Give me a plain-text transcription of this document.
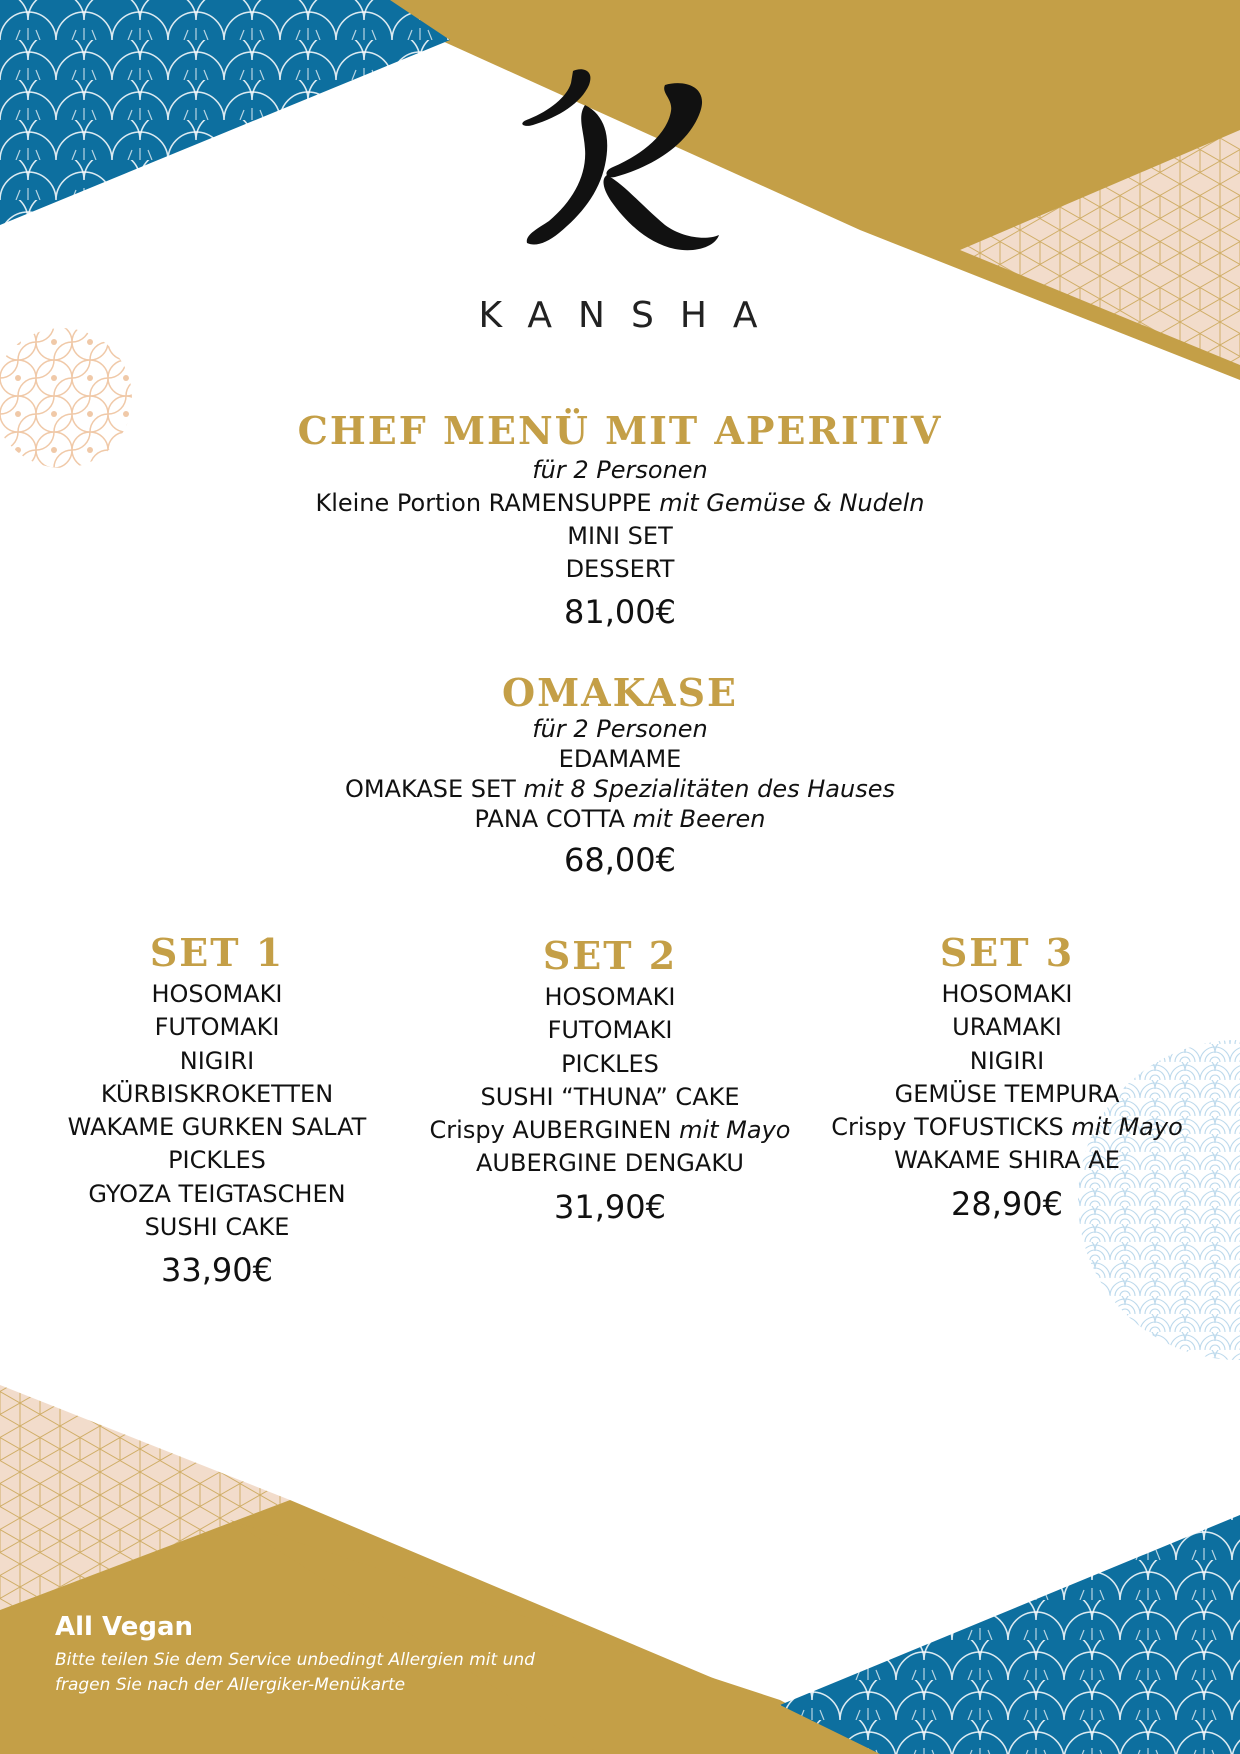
KANSHA
CHEF MENÜ MIT APERITIV
für 2 Personen
Kleine Portion RAMENSUPPE mit Gemüse & Nudeln
MINI SET
DESSERT
81,00€
OMAKASE
für 2 Personen
EDAMAME
OMAKASE SET mit 8 Spezialitäten des Hauses
PANA COTTA mit Beeren
68,00€
SET 1
HOSOMAKI
FUTOMAKI
NIGIRI
KÜRBISKROKETTEN
WAKAME GURKEN SALAT
PICKLES
GYOZA TEIGTASCHEN
SUSHI CAKE
33,90€
SET 2
HOSOMAKI
FUTOMAKI
PICKLES
SUSHI “THUNA” CAKE
Crispy AUBERGINEN mit Mayo
AUBERGINE DENGAKU
31,90€
SET 3
HOSOMAKI
URAMAKI
NIGIRI
GEMÜSE TEMPURA
Crispy TOFUSTICKS mit Mayo
WAKAME SHIRA AE
28,90€
All Vegan
Bitte teilen Sie dem Service unbedingt Allergien mit und
fragen Sie nach der Allergiker-Menükarte
